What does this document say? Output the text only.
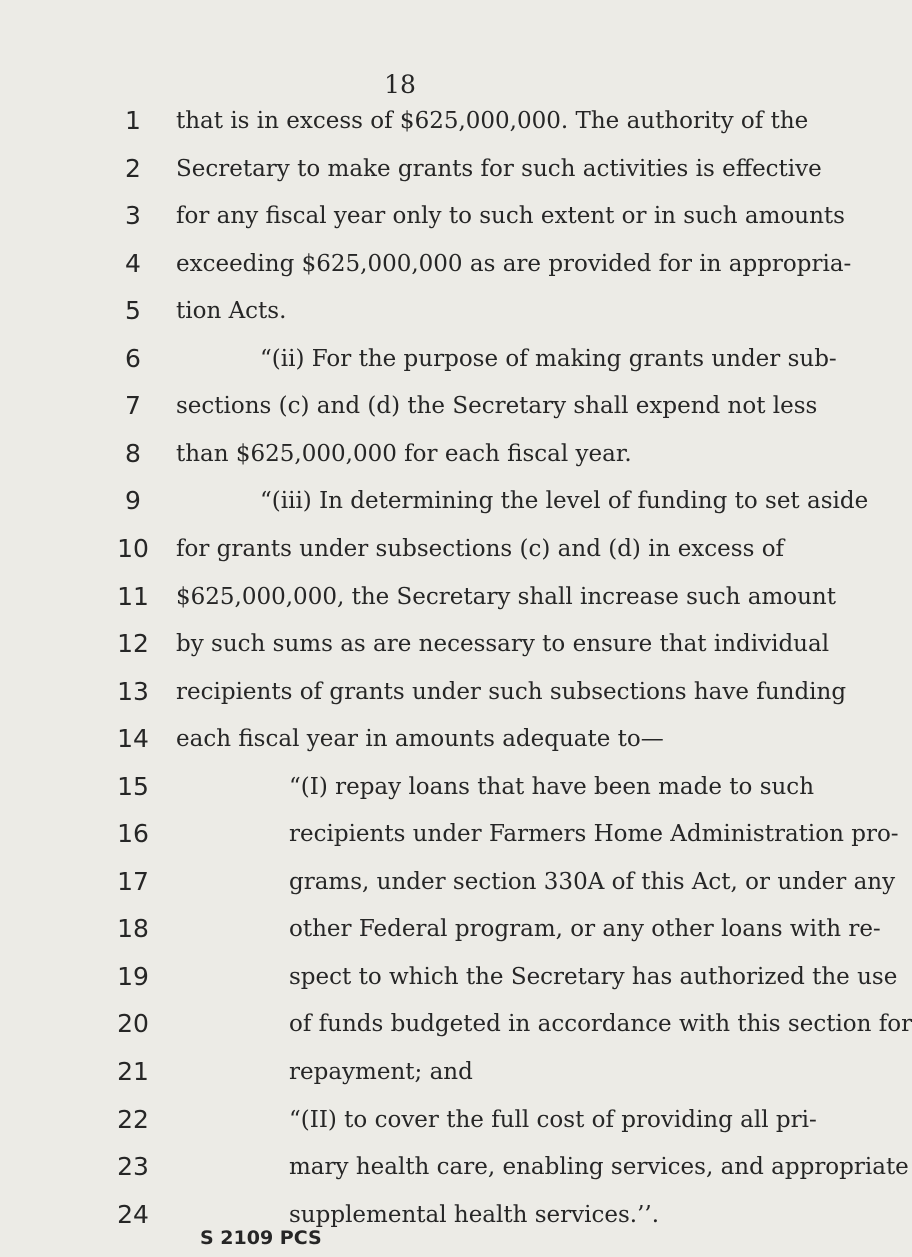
18
1
2
3
4
5
6
7
8
9
10
11
12
13
14
15
16
17
18
19
20
21
22
23
24
that is in excess of $625,000,000. The authority of the
Secretary to make grants for such activities is effective
for any fiscal year only to such extent or in such amounts
exceeding $625,000,000 as are provided for in appropria-
tion Acts.
“(ii) For the purpose of making grants under sub-
sections (c) and (d) the Secretary shall expend not less
than $625,000,000 for each fiscal year.
“(iii) In determining the level of funding to set aside
for grants under subsections (c) and (d) in excess of
$625,000,000, the Secretary shall increase such amount
by such sums as are necessary to ensure that individual
recipients of grants under such subsections have funding
each fiscal year in amounts adequate to—
“(I) repay loans that have been made to such
recipients under Farmers Home Administration pro-
grams, under section 330A of this Act, or under any
other Federal program, or any other loans with re-
spect to which the Secretary has authorized the use
of funds budgeted in accordance with this section for
repayment; and
“(II) to cover the full cost of providing all pri-
mary health care, enabling services, and appropriate
supplemental health services.’’.
S 2109 PCS
